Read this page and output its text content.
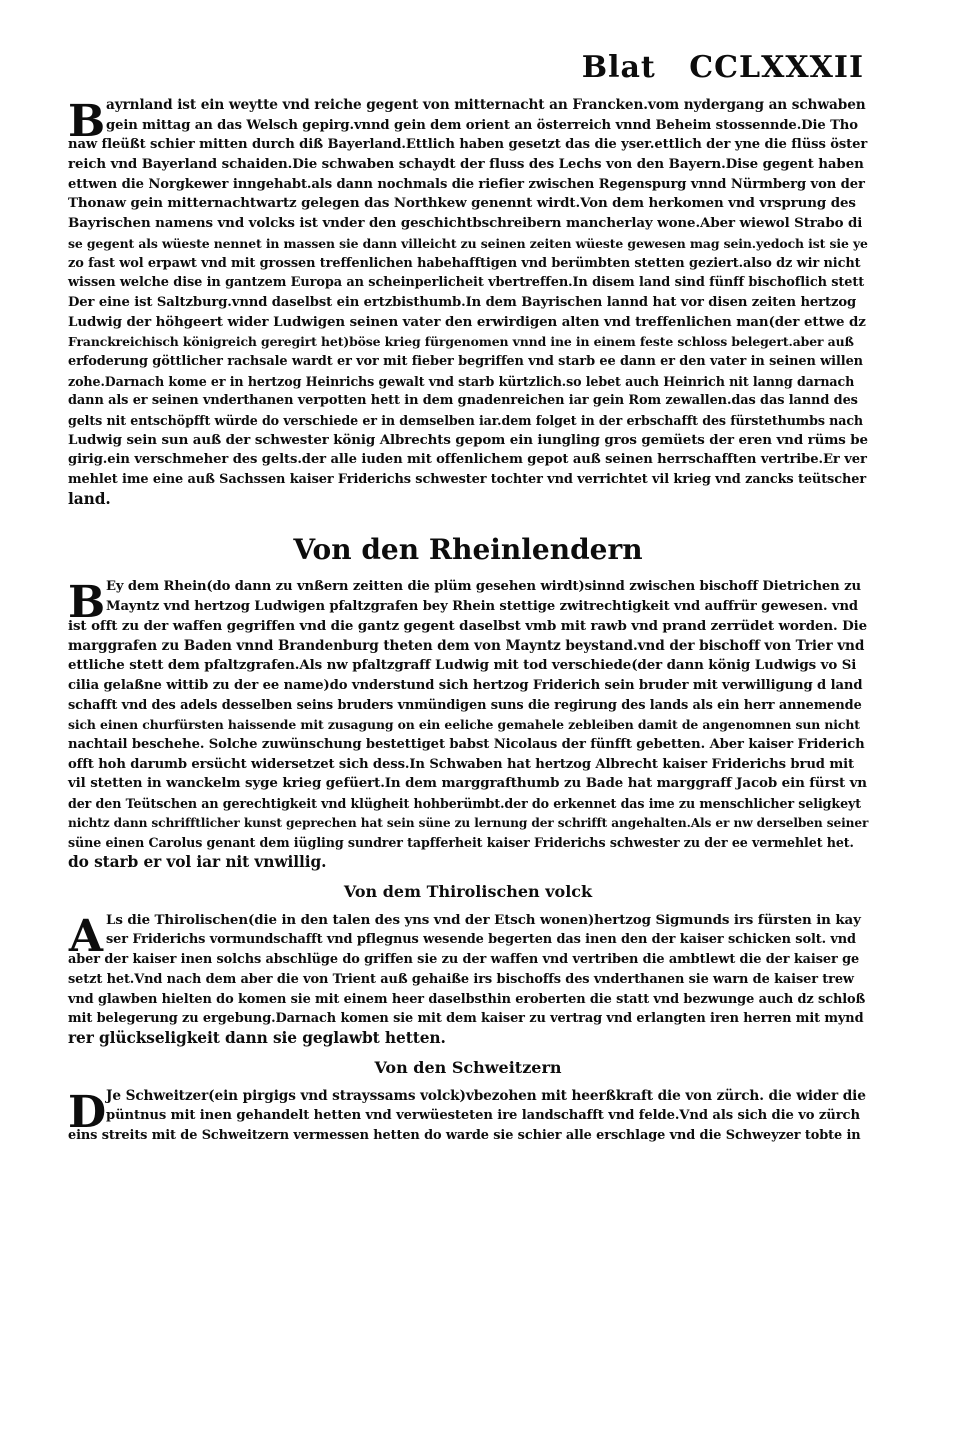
Blat CCLXXXII
B ayrnland ist ein weytte vnd reiche gegent von mitternacht an Francken.vom nydergang an schwaben
gein mittag an das Welsch gepirg.vnnd gein dem orient an österreich vnnd Beheim stossennde.Die Tho
naw fleüßt schier mitten durch diß Bayerland.Ettlich haben gesetzt das die yser.ettlich der yne die flüss öster
reich vnd Bayerland schaiden.Die schwaben schaydt der fluss des Lechs von den Bayern.Dise gegent haben
ettwen die Norgkewer inngehabt.als dann nochmals die riefier zwischen Regenspurg vnnd Nürmberg von der
Thonaw gein mitternachtwartz gelegen das Northkew genennt wirdt.Von dem herkomen vnd vrsprung des
Bayrischen namens vnd volcks ist vnder den geschichtbschreibern mancherlay wone.Aber wiewol Strabo di
se gegent als wüeste nennet in massen sie dann villeicht zu seinen zeiten wüeste gewesen mag sein.yedoch ist sie ye
zo fast wol erpawt vnd mit grossen treffenlichen habehafftigen vnd berümbten stetten geziert.also dz wir nicht
wissen welche dise in gantzem Europa an scheinperlicheit vbertreffen.In disem land sind fünff bischoflich stett
Der eine ist Saltzburg.vnnd daselbst ein ertzbisthumb.In dem Bayrischen lannd hat vor disen zeiten hertzog
Ludwig der höhgeert wider Ludwigen seinen vater den erwirdigen alten vnd treffenlichen man(der ettwe dz
Franckreichisch königreich geregirt het)böse krieg fürgenomen vnnd ine in einem feste schloss belegert.aber auß
erfoderung göttlicher rachsale wardt er vor mit fieber begriffen vnd starb ee dann er den vater in seinen willen
zohe.Darnach kome er in hertzog Heinrichs gewalt vnd starb kürtzlich.so lebet auch Heinrich nit lanng darnach
dann als er seinen vnderthanen verpotten hett in dem gnadenreichen iar gein Rom zewallen.das das lannd des
gelts nit entschöpfft würde do verschiede er in demselben iar.dem folget in der erbschafft des fürstethumbs nach
Ludwig sein sun auß der schwester könig Albrechts gepom ein iungling gros gemüets der eren vnd rüms be
girig.ein verschmeher des gelts.der alle iuden mit offenlichem gepot auß seinen herrschafften vertribe.Er ver
mehlet ime eine auß Sachssen kaiser Friderichs schwester tochter vnd verrichtet vil krieg vnd zancks teütscher
land.
Von den Rheinlendern
B Ey dem Rhein(do dann zu vnßern zeitten die plüm gesehen wirdt)sinnd zwischen bischoff Dietrichen zu
Mayntz vnd hertzog Ludwigen pfaltzgrafen bey Rhein stettige zwitrechtigkeit vnd auffrür gewesen. vnd
ist offt zu der waffen gegriffen vnd die gantz gegent daselbst vmb mit rawb vnd prand zerrüdet worden. Die
marggrafen zu Baden vnnd Brandenburg theten dem von Mayntz beystand.vnd der bischoff von Trier vnd
ettliche stett dem pfaltzgrafen.Als nw pfaltzgraff Ludwig mit tod verschiede(der dann könig Ludwigs vo Si
cilia gelaßne wittib zu der ee name)do vnderstund sich hertzog Friderich sein bruder mit verwilligung d land
schafft vnd des adels desselben seins bruders vnmündigen suns die regirung des lands als ein herr annemende
sich einen churfürsten haissende mit zusagung on ein eeliche gemahele zebleiben damit de angenomnen sun nicht
nachtail beschehe. Solche zuwünschung bestettiget babst Nicolaus der fünfft gebetten. Aber kaiser Friderich
offt hoh darumb ersücht widersetzet sich dess.In Schwaben hat hertzog Albrecht kaiser Friderichs brud mit
vil stetten in wanckelm syge krieg gefüert.In dem marggrafthumb zu Bade hat marggraff Jacob ein fürst vn
der den Teütschen an gerechtigkeit vnd klügheit hohberümbt.der do erkennet das ime zu menschlicher seligkeyt
nichtz dann schrifftlicher kunst geprechen hat sein süne zu lernung der schrifft angehalten.Als er nw derselben seiner
süne einen Carolus genant dem iügling sundrer tapfferheit kaiser Friderichs schwester zu der ee vermehlet het.
do starb er vol iar nit vnwillig.
Von dem Thirolischen volck
A Ls die Thirolischen(die in den talen des yns vnd der Etsch wonen)hertzog Sigmunds irs fürsten in kay
ser Friderichs vormundschafft vnd pflegnus wesende begerten das inen den der kaiser schicken solt. vnd
aber der kaiser inen solchs abschlüge do griffen sie zu der waffen vnd vertriben die ambtlewt die der kaiser ge
setzt het.Vnd nach dem aber die von Trient auß gehaiße irs bischoffs des vnderthanen sie warn de kaiser trew
vnd glawben hielten do komen sie mit einem heer daselbsthin eroberten die statt vnd bezwunge auch dz schloß
mit belegerung zu ergebung.Darnach komen sie mit dem kaiser zu vertrag vnd erlangten iren herren mit mynd
rer glückseligkeit dann sie geglawbt hetten.
Von den Schweitzern
D Je Schweitzer(ein pirgigs vnd strayssams volck)vbezohen mit heerßkraft die von zürch. die wider die
püntnus mit inen gehandelt hetten vnd verwüesteten ire landschafft vnd felde.Vnd als sich die vo zürch
eins streits mit de Schweitzern vermessen hetten do warde sie schier alle erschlage vnd die Schweyzer tobte in
